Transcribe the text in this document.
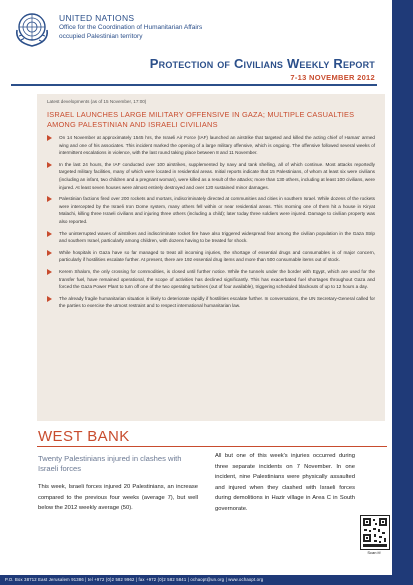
UNITED NATIONS
Office for the Coordination of Humanitarian Affairs
occupied Palestinian territory
Protection of Civilians Weekly Report
7-13 NOVEMBER 2012
Latest developments (as of 15 November, 17:00)
ISRAEL LAUNCHES LARGE MILITARY OFFENSIVE IN GAZA; MULTIPLE CASUALTIES AMONG PALESTINIAN AND ISRAELI CIVILIANS
On 14 November at approximately 1545 hrs, the Israeli Air Force (IAF) launched an airstrike that targeted and killed the acting chief of Hamas' armed wing and one of his associates. This incident marked the opening of a large military offensive, which is ongoing. The offensive followed several weeks of intermittent escalations in violence, with the last round taking place between 8 and 11 November.
In the last 24 hours, the IAF conducted over 100 airstrikes, supplemented by navy and tank shelling, all of which continue. Most attacks reportedly targeted military facilities, many of which were located in residential areas. Initial reports indicate that 15 Palestinians, of whom at least six were civilians (including an infant, two children and a pregnant woman), were killed as a result of the attacks; more than 130 others, including at least 100 civilians, were injured. At least seven houses were almost entirely destroyed and over 120 sustained minor damages.
Palestinian factions fired over 200 rockets and mortars, indiscriminately directed at communities and cities in southern Israel. While dozens of the rockets were intercepted by the Israeli Iron Dome system, many others fell within or near residential areas. This morning one of them hit a house in Kiryat Malachi, killing three Israeli civilians and injuring three others (including a child); later today three soldiers were injured. Damage to civilian property was also reported.
The uninterrupted waves of airstrikes and indiscriminate rocket fire have also triggered widespread fear among the civilian population in the Gaza Strip and southern Israel, particularly among children, with dozens having to be treated for shock.
While hospitals in Gaza have so far managed to treat all incoming injuries, the shortage of essential drugs and consumables is of major concern, particularly if hostilities escalate further. At present, there are 192 essential drug items and more than 500 consumable items out of stock.
Kerem Shalom, the only crossing for commodities, is closed until further notice. While the tunnels under the border with Egypt, which are used for the transfer fuel, have remained operational, the scope of activities has declined significantly. This has exacerbated fuel shortages throughout Gaza and forced the Gaza Power Plant to turn off one of the two operating turbines (out of four available), triggering scheduled blackouts of up to 12 hours a day.
The already fragile humanitarian situation is likely to deteriorate rapidly if hostilities escalate further. In conversations, the UN Secretary-General called for the parties to exercise the utmost restraint and to respect international humanitarian law.
WEST BANK
Twenty Palestinians injured in clashes with Israeli forces
This week, Israeli forces injured 20 Palestinians, an increase compared to the previous four weeks (average 7), but well below the 2012 weekly average (50).
All but one of this week's injuries occurred during three separate incidents on 7 November. In one incident, nine Palestinians were physically assaulted and injured when they clashed with Israeli forces during demolitions in Hazir village in Area C in South governorate.
Scan it!
P.O. Box 38712 East Jerusalem 91386 | tel +972 (0)2 582 9962 | fax +972 (0)2 582 5841 | ochaopt@un.org | www.ochaopt.org
